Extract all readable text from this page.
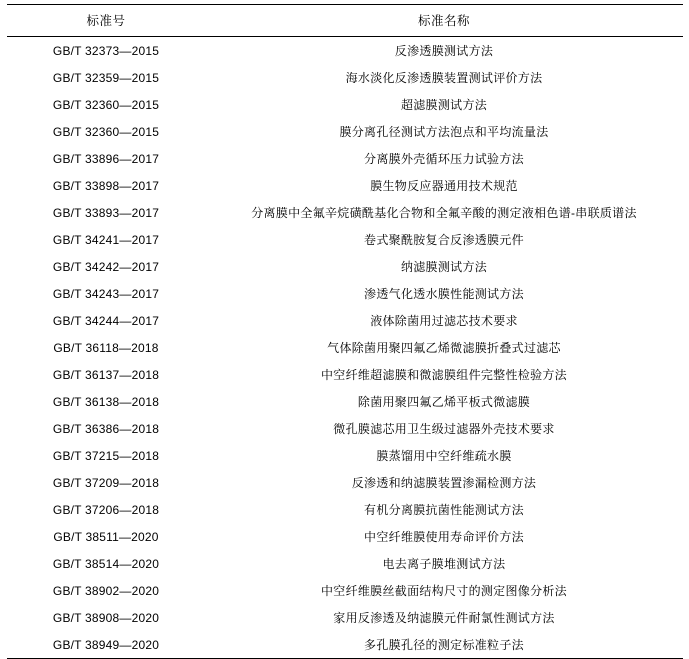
标准号	标准名称
GB/T 32373—2015	反渗透膜测试方法
GB/T 32359—2015	海水淡化反渗透膜装置测试评价方法
GB/T 32360—2015	超滤膜测试方法
GB/T 32360—2015	膜分离孔径测试方法泡点和平均流量法
GB/T 33896—2017	分离膜外壳循环压力试验方法
GB/T 33898—2017	膜生物反应器通用技术规范
GB/T 33893—2017	分离膜中全氟辛烷磺酰基化合物和全氟辛酸的测定液相色谱-串联质谱法
GB/T 34241—2017	卷式聚酰胺复合反渗透膜元件
GB/T 34242—2017	纳滤膜测试方法
GB/T 34243—2017	渗透气化透水膜性能测试方法
GB/T 34244—2017	液体除菌用过滤芯技术要求
GB/T 36118—2018	气体除菌用聚四氟乙烯微滤膜折叠式过滤芯
GB/T 36137—2018	中空纤维超滤膜和微滤膜组件完整性检验方法
GB/T 36138—2018	除菌用聚四氟乙烯平板式微滤膜
GB/T 36386—2018	微孔膜滤芯用卫生级过滤器外壳技术要求
GB/T 37215—2018	膜蒸馏用中空纤维疏水膜
GB/T 37209—2018	反渗透和纳滤膜装置渗漏检测方法
GB/T 37206—2018	有机分离膜抗菌性能测试方法
GB/T 38511—2020	中空纤维膜使用寿命评价方法
GB/T 38514—2020	电去离子膜堆测试方法
GB/T 38902—2020	中空纤维膜丝截面结构尺寸的测定图像分析法
GB/T 38908—2020	家用反渗透及纳滤膜元件耐氯性测试方法
GB/T 38949—2020	多孔膜孔径的测定标准粒子法
